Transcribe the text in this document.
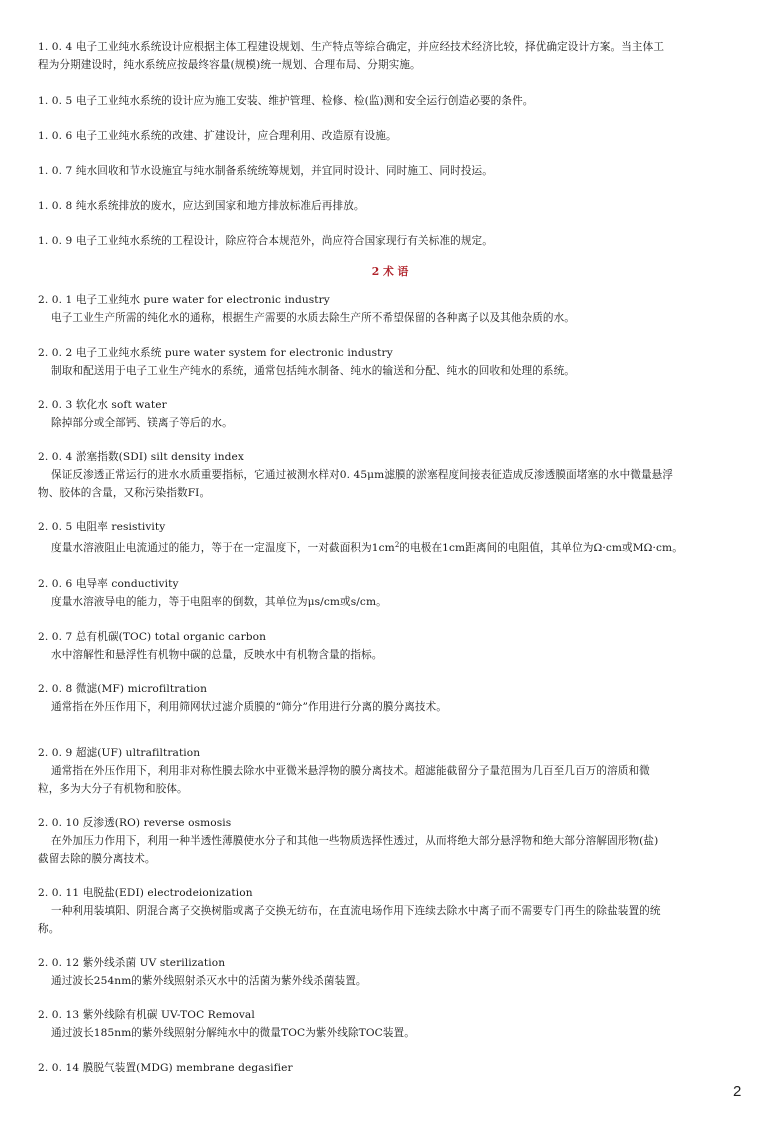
1. 0. 4 电子工业纯水系统设计应根据主体工程建设规划、生产特点等综合确定，并应经技术经济比较，择优确定设计方案。当主体工
程为分期建设时，纯水系统应按最终容量(规模)统一规划、合理布局、分期实施。
1. 0. 5 电子工业纯水系统的设计应为施工安装、维护管理、检修、检(监)测和安全运行创造必要的条件。
1. 0. 6 电子工业纯水系统的改建、扩建设计，应合理利用、改造原有设施。
1. 0. 7 纯水回收和节水设施宜与纯水制备系统统筹规划，并宜同时设计、同时施工、同时投运。
1. 0. 8 纯水系统排放的废水，应达到国家和地方排放标准后再排放。
1. 0. 9 电子工业纯水系统的工程设计，除应符合本规范外，尚应符合国家现行有关标准的规定。
2 术 语
2. 0. 1 电子工业纯水 pure water for electronic industry
电子工业生产所需的纯化水的通称，根据生产需要的水质去除生产所不希望保留的各种离子以及其他杂质的水。
2. 0. 2 电子工业纯水系统 pure water system for electronic industry
制取和配送用于电子工业生产纯水的系统，通常包括纯水制备、纯水的输送和分配、纯水的回收和处理的系统。
2. 0. 3 软化水 soft water
除掉部分或全部钙、镁离子等后的水。
2. 0. 4 淤塞指数(SDI) silt density index
保证反渗透正常运行的进水水质重要指标，它通过被测水样对0. 45μm滤膜的淤塞程度间接表征造成反渗透膜面堵塞的水中微量悬浮
物、胶体的含量，又称污染指数FI。
2. 0. 5 电阻率 resistivity
度量水溶液阻止电流通过的能力，等于在一定温度下，一对截面积为$1cm^2$的电极在1cm距离间的电阻值，其单位为Ω·cm或MΩ·cm。
2. 0. 6 电导率 conductivity
度量水溶液导电的能力，等于电阻率的倒数，其单位为μs/cm或s/cm。
2. 0. 7 总有机碳(TOC) total organic carbon
水中溶解性和悬浮性有机物中碳的总量，反映水中有机物含量的指标。
2. 0. 8 微滤(MF) microfiltration
通常指在外压作用下，利用筛网状过滤介质膜的“筛分”作用进行分离的膜分离技术。
2. 0. 9 超滤(UF) ultrafiltration
通常指在外压作用下，利用非对称性膜去除水中亚微米悬浮物的膜分离技术。超滤能截留分子量范围为几百至几百万的溶质和微
粒，多为大分子有机物和胶体。
2. 0. 10 反渗透(RO) reverse osmosis
在外加压力作用下，利用一种半透性薄膜使水分子和其他一些物质选择性透过，从而将绝大部分悬浮物和绝大部分溶解固形物(盐)
截留去除的膜分离技术。
2. 0. 11 电脱盐(EDI) electrodeionization
一种利用装填阳、阴混合离子交换树脂或离子交换无纺布，在直流电场作用下连续去除水中离子而不需要专门再生的除盐装置的统
称。
2. 0. 12 紫外线杀菌 UV sterilization
通过波长254nm的紫外线照射杀灭水中的活菌为紫外线杀菌装置。
2. 0. 13 紫外线除有机碳 UV-TOC Removal
通过波长185nm的紫外线照射分解纯水中的微量TOC为紫外线除TOC装置。
2. 0. 14 膜脱气装置(MDG) membrane degasifier
2
